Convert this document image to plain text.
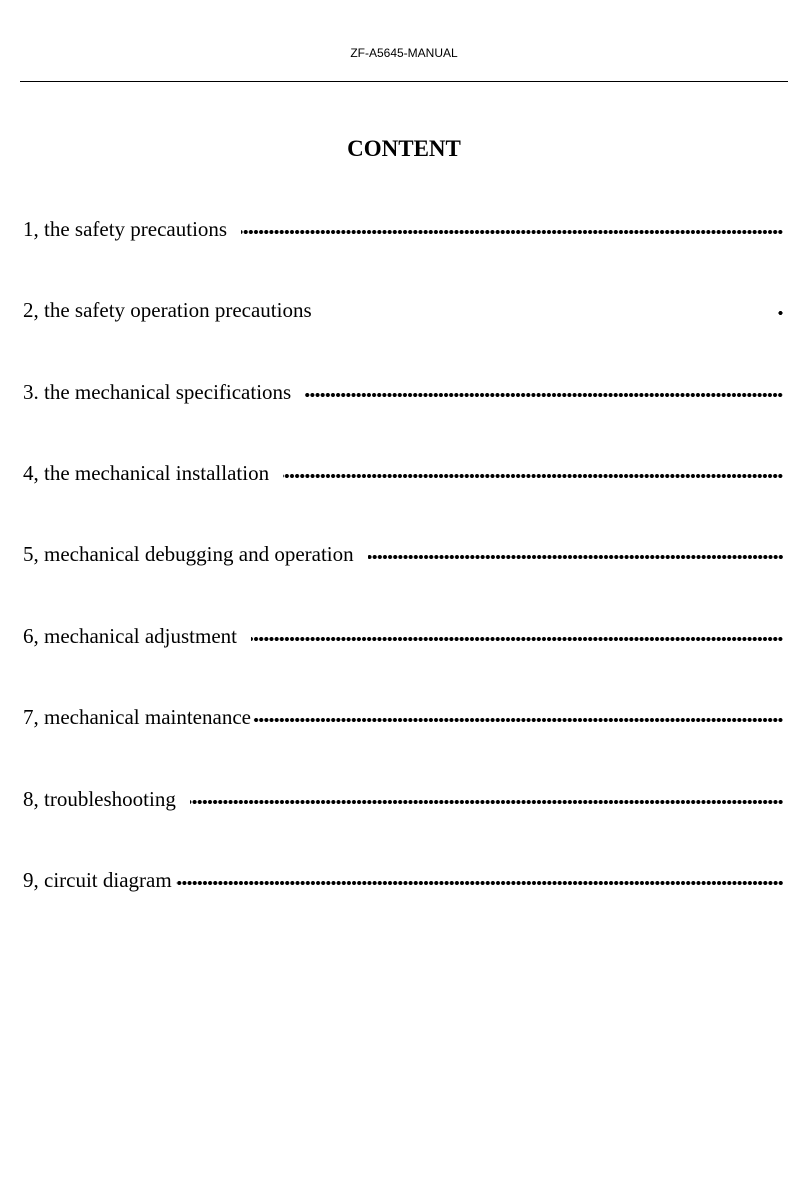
ZF-A5645-MANUAL
CONTENT
1, the safety precautions
2, the safety operation precautions
3. the mechanical specifications
4, the mechanical installation
5, mechanical debugging and operation
6, mechanical adjustment
7, mechanical maintenance
8, troubleshooting
9, circuit diagram
